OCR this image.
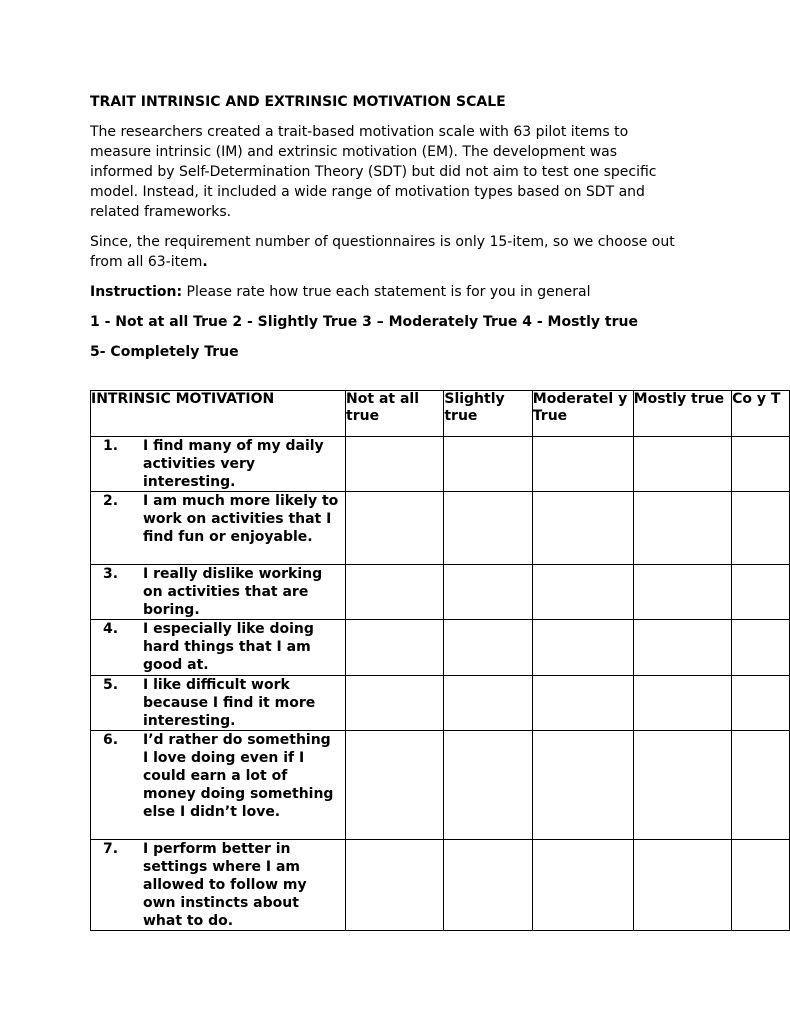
TRAIT INTRINSIC AND EXTRINSIC MOTIVATION SCALE

The researchers created a trait-based motivation scale with 63 pilot items to measure intrinsic (IM) and extrinsic motivation (EM). The development was informed by Self-Determination Theory (SDT) but did not aim to test one specific model. Instead, it included a wide range of motivation types based on SDT and related frameworks.

Since, the requirement number of questionnaires is only 15-item, so we choose out from all 63-item.

Instruction: Please rate how true each statement is for you in general

1 - Not at all True 2 - Slightly True 3 – Moderately True 4 - Mostly true

5- Completely True

INTRINSIC MOTIVATION	Not at all true	Slightly true	Moderatel y True	Mostly true	Co y T

1. I find many of my daily activities very interesting.					

2. I am much more likely to work on activities that I find fun or enjoyable.					

3. I really dislike working on activities that are boring.					

4. I especially like doing hard things that I am good at.					

5. I like difficult work because I find it more interesting.					

6. I’d rather do something I love doing even if I could earn a lot of money doing something else I didn’t love.					

7. I perform better in settings where I am allowed to follow my own instincts about what to do.					
